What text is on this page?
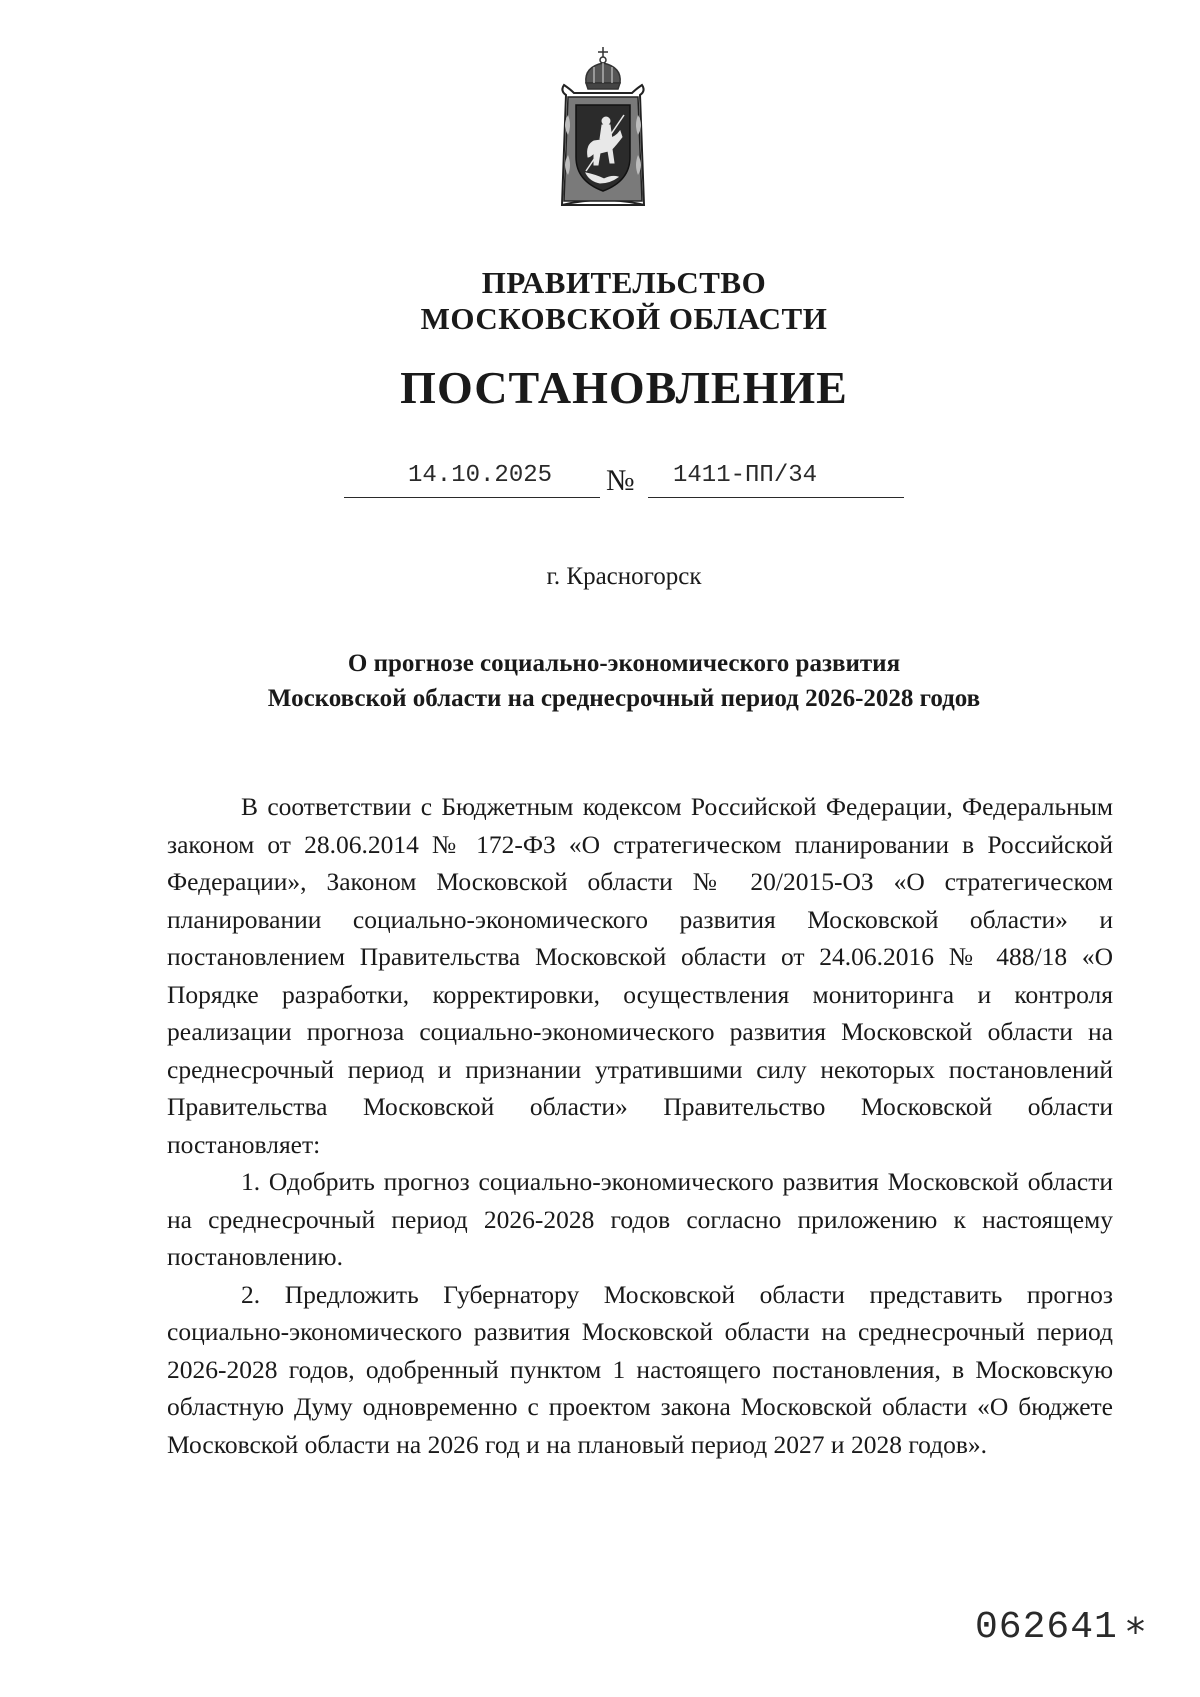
ПРАВИТЕЛЬСТВО
МОСКОВСКОЙ ОБЛАСТИ
ПОСТАНОВЛЕНИЕ
14.10.2025 № 1411-ПП/34
г. Красногорск
О прогнозе социально-экономического развития
Московской области на среднесрочный период 2026-2028 годов

В соответствии с Бюджетным кодексом Российской Федерации, Федеральным законом от 28.06.2014 № 172-ФЗ «О стратегическом планировании в Российской Федерации», Законом Московской области № 20/2015-ОЗ «О стратегическом планировании социально-экономического развития Московской области» и постановлением Правительства Московской области от 24.06.2016 № 488/18 «О Порядке разработки, корректировки, осуществления мониторинга и контроля реализации прогноза социально-экономического развития Московской области на среднесрочный период и признании утратившими силу некоторых постановлений Правительства Московской области» Правительство Московской области постановляет:

1. Одобрить прогноз социально-экономического развития Московской области на среднесрочный период 2026-2028 годов согласно приложению к настоящему постановлению.

2. Предложить Губернатору Московской области представить прогноз социально-экономического развития Московской области на среднесрочный период 2026-2028 годов, одобренный пунктом 1 настоящего постановления, в Московскую областную Думу одновременно с проектом закона Московской области «О бюджете Московской области на 2026 год и на плановый период 2027 и 2028 годов».

062641 *
